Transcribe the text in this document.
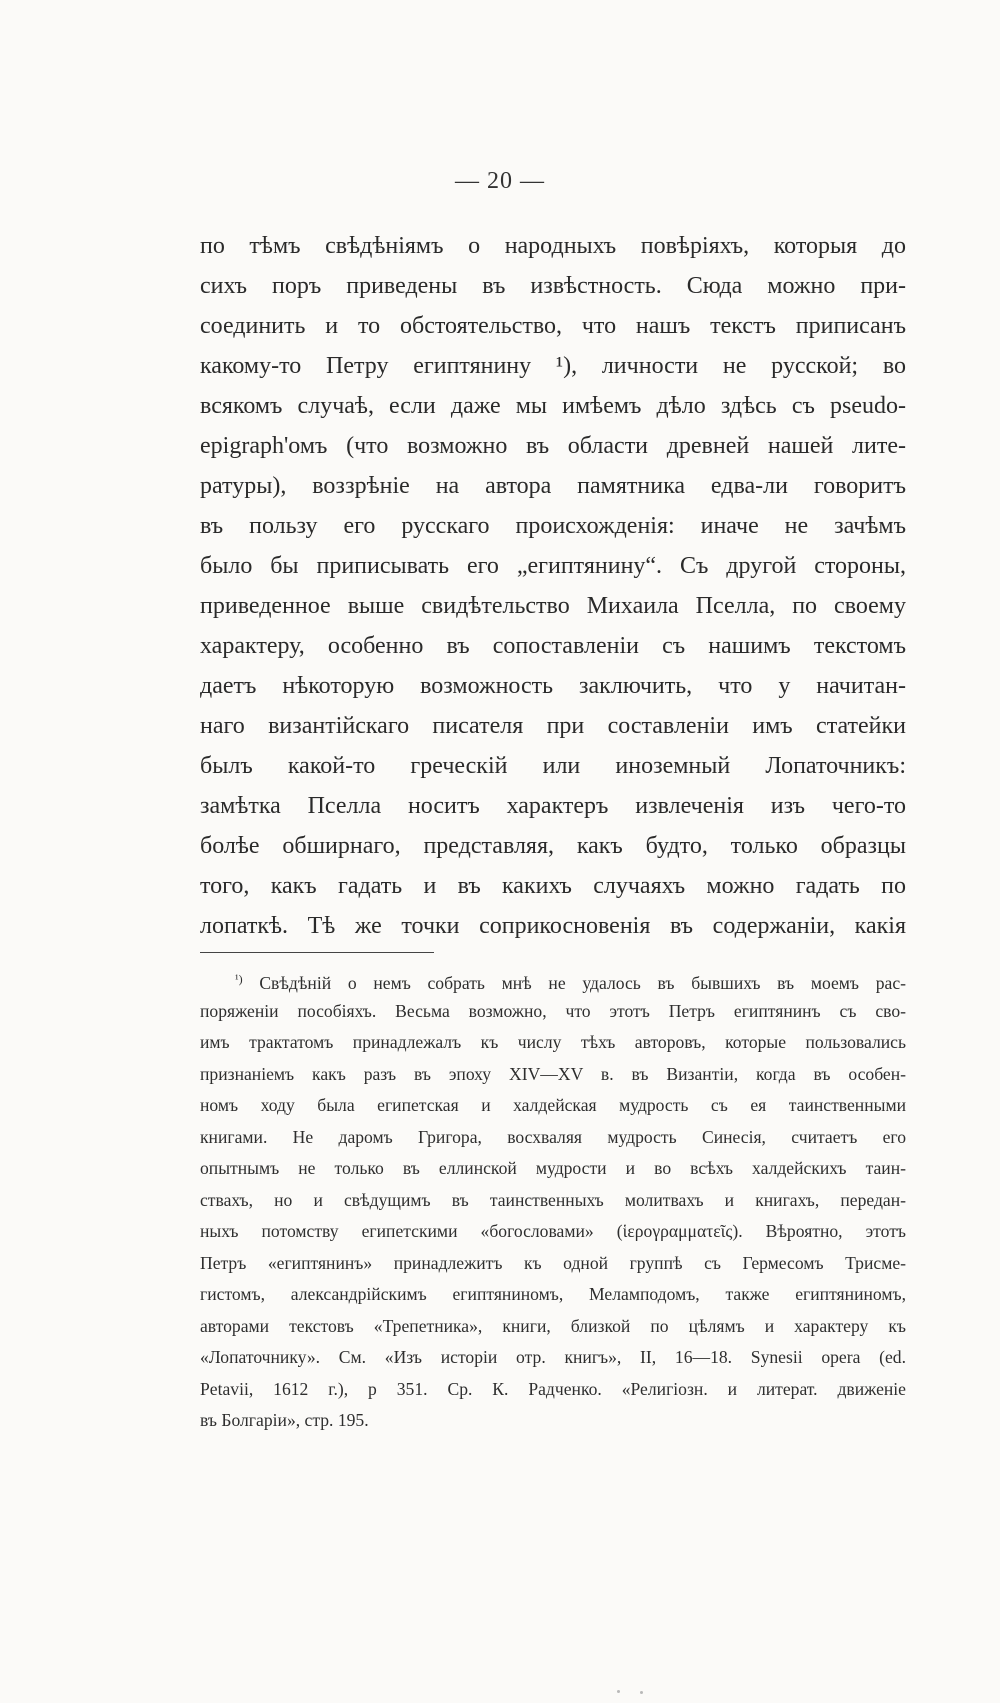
— 20 —
по тѣмъ свѣдѣніямъ о народныхъ повѣріяхъ, которыя до
сихъ поръ приведены въ извѣстность. Сюда можно при-
соединить и то обстоятельство, что нашъ текстъ приписанъ
какому-то Петру египтянину ¹), личности не русской; во
всякомъ случаѣ, если даже мы имѣемъ дѣло здѣсь съ pseudo-
epigraph'омъ (что возможно въ области древней нашей лите-
ратуры), воззрѣніе на автора памятника едва-ли говоритъ
въ пользу его русскаго происхожденія: иначе не зачѣмъ
было бы приписывать его „египтянину“. Съ другой стороны,
приведенное выше свидѣтельство Михаила Пселла, по своему
характеру, особенно въ сопоставленіи съ нашимъ текстомъ
даетъ нѣкоторую возможность заключить, что у начитан-
наго византійскаго писателя при составленіи имъ статейки
былъ какой-то греческій или иноземный Лопаточникъ:
замѣтка Пселла носитъ характеръ извлеченія изъ чего-то
болѣе обширнаго, представляя, какъ будто, только образцы
того, какъ гадать и въ какихъ случаяхъ можно гадать по
лопаткѣ. Тѣ же точки соприкосновенія въ содержаніи, какія
$^{^1)}$ Свѣдѣній о немъ собрать мнѣ не удалось въ бывшихъ въ моемъ рас-
поряженіи пособіяхъ. Весьма возможно, что этотъ Петръ египтянинъ съ сво-
имъ трактатомъ принадлежалъ къ числу тѣхъ авторовъ, которые пользовались
признаніемъ какъ разъ въ эпоху XIV—XV в. въ Византіи, когда въ особен-
номъ ходу была египетская и халдейская мудрость съ ея таинственными
книгами. Не даромъ Григора, восхваляя мудрость Синесія, считаетъ его
опытнымъ не только въ еллинской мудрости и во всѣхъ халдейскихъ таин-
ствахъ, но и свѣдущимъ въ таинственныхъ молитвахъ и книгахъ, передан-
ныхъ потомству египетскими «богословами» (ἱερογραμματεῖς). Вѣроятно, этотъ
Петръ «египтянинъ» принадлежитъ къ одной группѣ съ Гермесомъ Трисме-
гистомъ, александрійскимъ египтяниномъ, Меламподомъ, также египтяниномъ,
авторами текстовъ «Трепетника», книги, близкой по цѣлямъ и характеру къ
«Лопаточнику». См. «Изъ исторіи отр. книгъ», II, 16—18. Synesii opera (ed.
Petavii, 1612 г.), p 351. Ср. К. Радченко. «Религіозн. и литерат. движеніе
въ Болгаріи», стр. 195.
